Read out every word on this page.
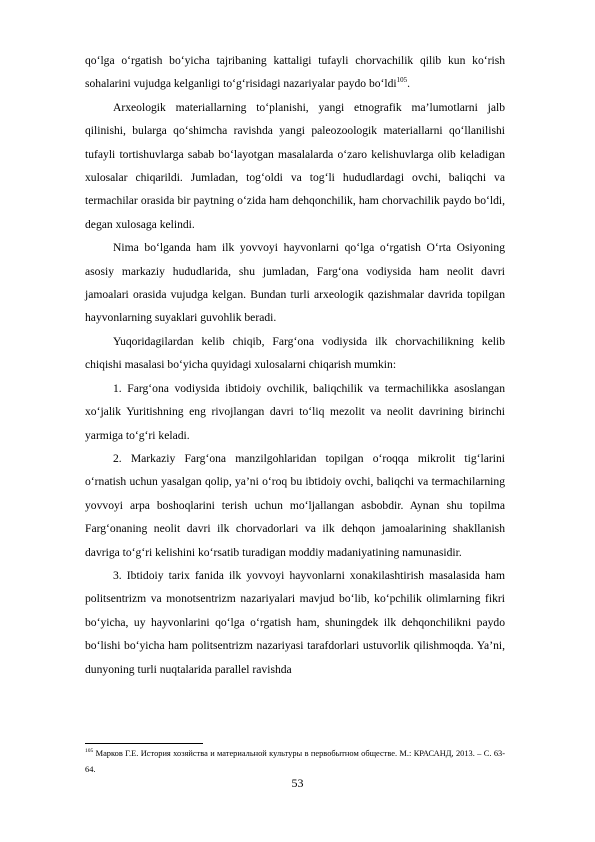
qo‘lga o‘rgatish bo‘yicha tajribaning kattaligi tufayli chorvachilik qilib kun ko‘rish sohalarini vujudga kelganligi to‘g‘risidagi nazariyalar paydo bo‘ldi$^{105}$.

Arxeologik materiallarning to‘planishi, yangi etnografik ma’lumotlarni jalb qilinishi, bularga qo‘shimcha ravishda yangi paleozoologik materiallarni qo‘llanilishi tufayli tortishuvlarga sabab bo‘layotgan masalalarda o‘zaro kelishuvlarga olib keladigan xulosalar chiqarildi. Jumladan, tog‘oldi va tog‘li hududlardagi ovchi, baliqchi va termachilar orasida bir paytning o‘zida ham dehqonchilik, ham chorvachilik paydo bo‘ldi, degan xulosaga kelindi.

Nima bo‘lganda ham ilk yovvoyi hayvonlarni qo‘lga o‘rgatish O‘rta Osiyoning asosiy markaziy hududlarida, shu jumladan, Farg‘ona vodiysida ham neolit davri jamoalari orasida vujudga kelgan. Bundan turli arxeologik qazishmalar davrida topilgan hayvonlarning suyaklari guvohlik beradi.

Yuqoridagilardan kelib chiqib, Farg‘ona vodiysida ilk chorvachilikning kelib chiqishi masalasi bo‘yicha quyidagi xulosalarni chiqarish mumkin:

1. Farg‘ona vodiysida ibtidoiy ovchilik, baliqchilik va termachilikka asoslangan xo‘jalik Yuritishning eng rivojlangan davri to‘liq mezolit va neolit davrining birinchi yarmiga to‘g‘ri keladi.

2. Markaziy Farg‘ona manzilgohlaridan topilgan o‘roqqa mikrolit tig‘larini o‘rnatish uchun yasalgan qolip, ya’ni o‘roq bu ibtidoiy ovchi, baliqchi va termachilarning yovvoyi arpa boshoqlarini terish uchun mo‘ljallangan asbobdir. Aynan shu topilma Farg‘onaning neolit davri ilk chorvadorlari va ilk dehqon jamoalarining shakllanish davriga to‘g‘ri kelishini ko‘rsatib turadigan moddiy madaniyatining namunasidir.

3. Ibtidoiy tarix fanida ilk yovvoyi hayvonlarni xonakilashtirish masalasida ham politsentrizm va monotsentrizm nazariyalari mavjud bo‘lib, ko‘pchilik olimlarning fikri bo‘yicha, uy hayvonlarini qo‘lga o‘rgatish ham, shuningdek ilk dehqonchilikni paydo bo‘lishi bo‘yicha ham politsentrizm nazariyasi tarafdorlari ustuvorlik qilishmoqda. Ya’ni, dunyoning turli nuqtalarida parallel ravishda

$^{105}$ Марков Г.Е. История хозяйства и материальной культуры в первобытном обществе. М.: КРАСАНД, 2013. – С. 63-64.
53
